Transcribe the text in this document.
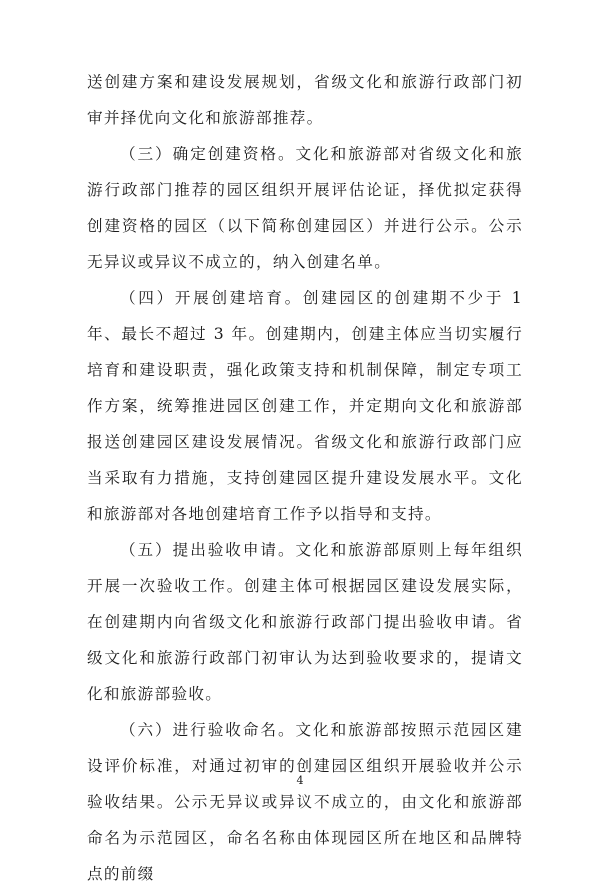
送创建方案和建设发展规划，省级文化和旅游行政部门初审并择优向文化和旅游部推荐。

（三）确定创建资格。文化和旅游部对省级文化和旅游行政部门推荐的园区组织开展评估论证，择优拟定获得创建资格的园区（以下简称创建园区）并进行公示。公示无异议或异议不成立的，纳入创建名单。

（四）开展创建培育。创建园区的创建期不少于 1 年、最长不超过 3 年。创建期内，创建主体应当切实履行培育和建设职责，强化政策支持和机制保障，制定专项工作方案，统筹推进园区创建工作，并定期向文化和旅游部报送创建园区建设发展情况。省级文化和旅游行政部门应当采取有力措施，支持创建园区提升建设发展水平。文化和旅游部对各地创建培育工作予以指导和支持。

（五）提出验收申请。文化和旅游部原则上每年组织开展一次验收工作。创建主体可根据园区建设发展实际，在创建期内向省级文化和旅游行政部门提出验收申请。省级文化和旅游行政部门初审认为达到验收要求的，提请文化和旅游部验收。

（六）进行验收命名。文化和旅游部按照示范园区建设评价标准，对通过初审的创建园区组织开展验收并公示验收结果。公示无异议或异议不成立的，由文化和旅游部命名为示范园区，命名名称由体现园区所在地区和品牌特点的前缀

4
